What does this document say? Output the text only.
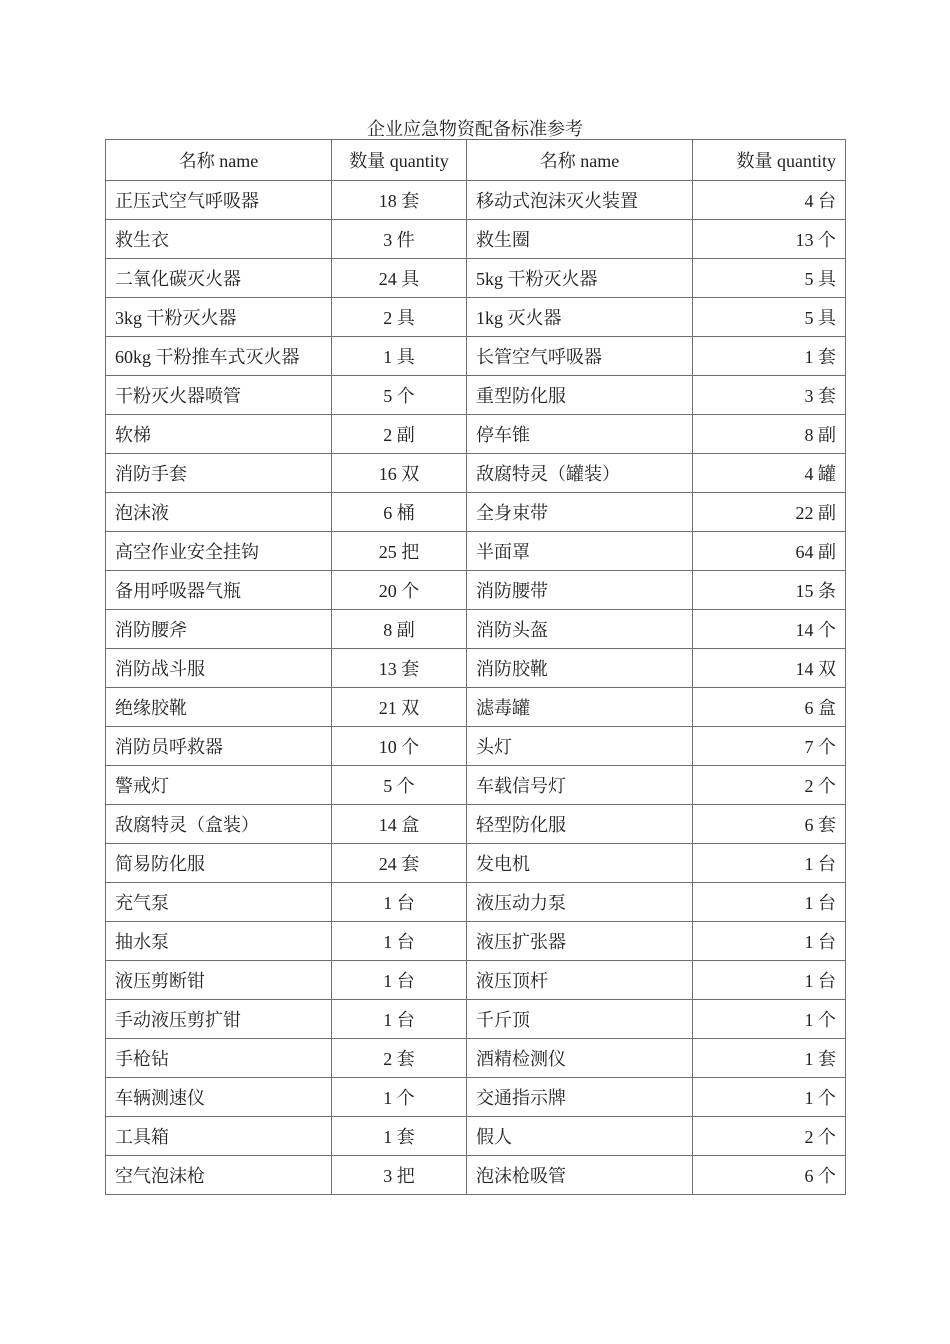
企业应急物资配备标准参考
名称 name	数量 quantity	名称 name	数量 quantity
正压式空气呼吸器	18 套	移动式泡沫灭火装置	4 台
救生衣	3 件	救生圈	13 个
二氧化碳灭火器	24 具	5kg 干粉灭火器	5 具
3kg 干粉灭火器	2 具	1kg 灭火器	5 具
60kg 干粉推车式灭火器	1 具	长管空气呼吸器	1 套
干粉灭火器喷管	5 个	重型防化服	3 套
软梯	2 副	停车锥	8 副
消防手套	16 双	敌腐特灵（罐装）	4 罐
泡沫液	6 桶	全身束带	22 副
高空作业安全挂钩	25 把	半面罩	64 副
备用呼吸器气瓶	20 个	消防腰带	15 条
消防腰斧	8 副	消防头盔	14 个
消防战斗服	13 套	消防胶靴	14 双
绝缘胶靴	21 双	滤毒罐	6 盒
消防员呼救器	10 个	头灯	7 个
警戒灯	5 个	车载信号灯	2 个
敌腐特灵（盒装）	14 盒	轻型防化服	6 套
简易防化服	24 套	发电机	1 台
充气泵	1 台	液压动力泵	1 台
抽水泵	1 台	液压扩张器	1 台
液压剪断钳	1 台	液压顶杆	1 台
手动液压剪扩钳	1 台	千斤顶	1 个
手枪钻	2 套	酒精检测仪	1 套
车辆测速仪	1 个	交通指示牌	1 个
工具箱	1 套	假人	2 个
空气泡沫枪	3 把	泡沫枪吸管	6 个
